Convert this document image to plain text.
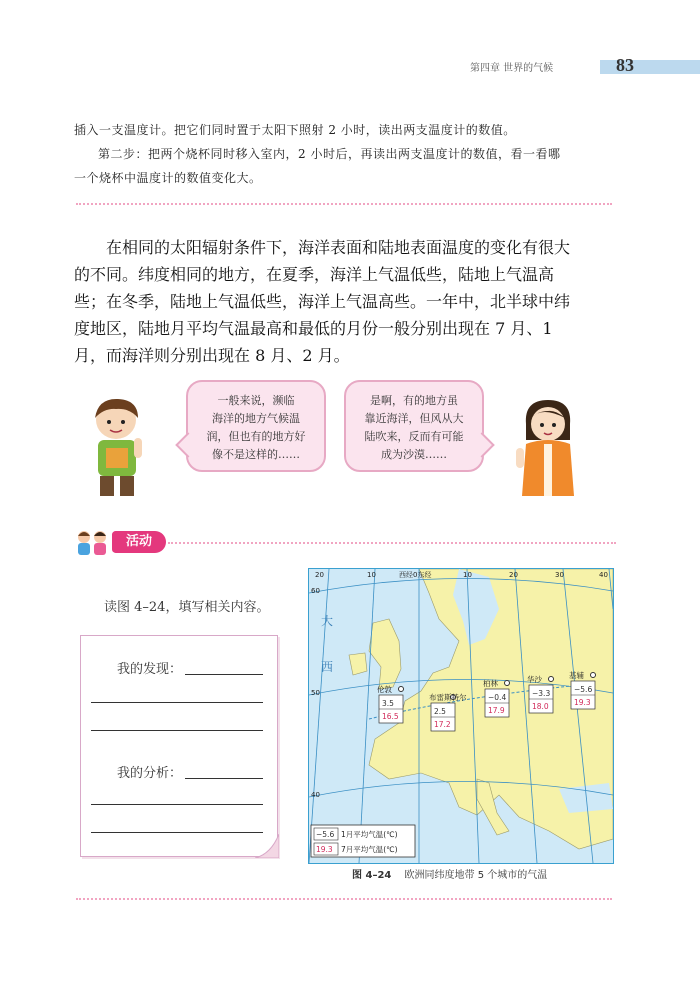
第四章 世界的气候	83
插入一支温度计。把它们同时置于太阳下照射 2 小时，读出两支温度计的数值。
第二步：把两个烧杯同时移入室内，2 小时后，再读出两支温度计的数值，看一看哪
一个烧杯中温度计的数值变化大。

在相同的太阳辐射条件下，海洋表面和陆地表面温度的变化有很大

的不同。纬度相同的地方，在夏季，海洋上气温低些，陆地上气温高
些；在冬季，陆地上气温低些，海洋上气温高些。一年中，北半球中纬
度地区，陆地月平均气温最高和最低的月份一般分别出现在 7 月、1
月，而海洋则分别出现在 8 月、2 月。
一般来说，濒临
海洋的地方气候温
润，但也有的地方好
像不是这样的……
是啊，有的地方虽
靠近海洋，但风从大
陆吹来，反而有可能
成为沙漠……
活动
读图 4–24，填写相关内容。
我的发现：
我的分析：
20	10	西经0东经	10	20	30	40
60
50
40
大
西
3.5
16.5
伦敦
2.5
17.2
布雷斯特尔	−0.4
17.9
柏林
−3.3
18.0
华沙
−5.6
19.3
基辅
−5.6
19.3
1月平均气温(℃)
7月平均气温(℃)
图 4–24 欧洲同纬度地带 5 个城市的气温
